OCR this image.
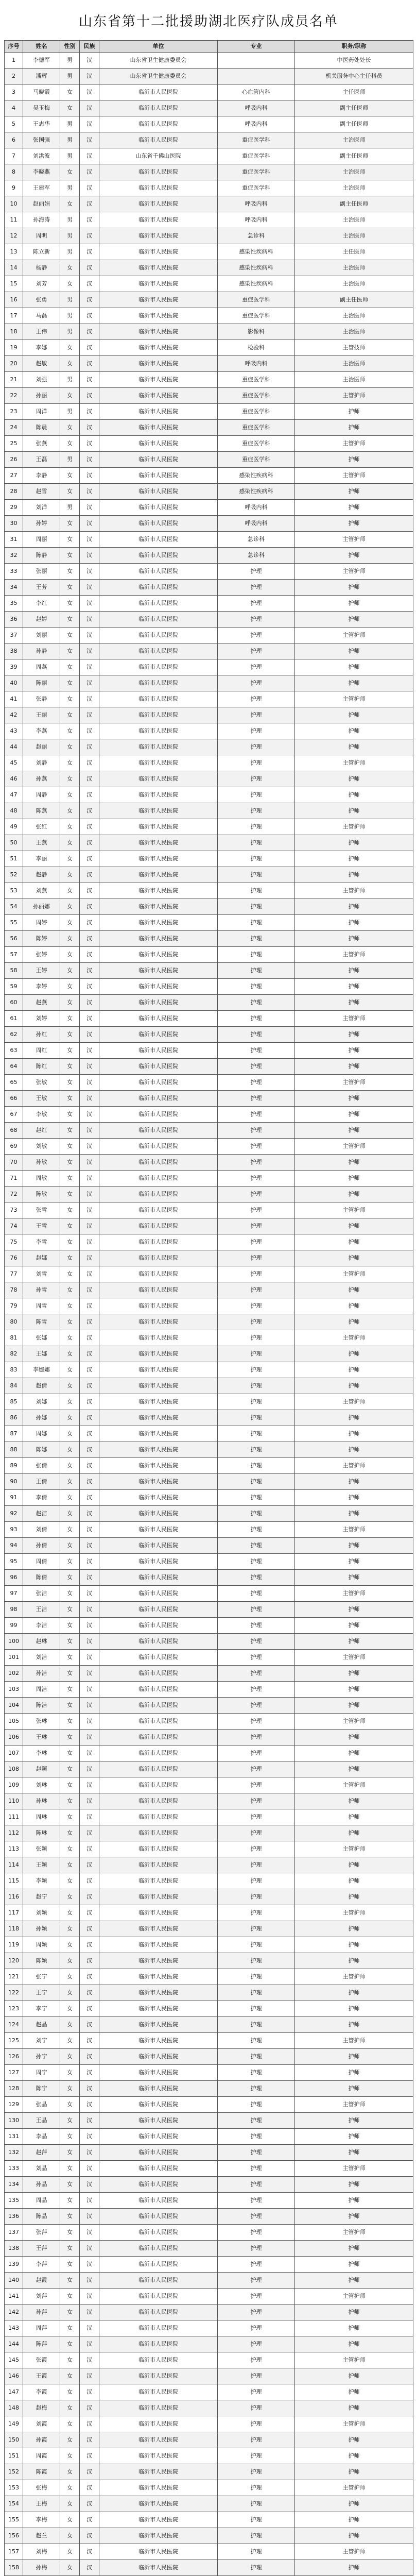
山东省第十二批援助湖北医疗队成员名单
序号	姓名	性别	民族	单位	专业	职务/职称
1	李德军	男	汉	山东省卫生健康委员会		中医药处处长
2	潘辉	男	汉	山东省卫生健康委员会		机关服务中心主任科员
3	马晓霞	女	汉	临沂市人民医院	心血管内科	主任医师
4	吴玉梅	女	汉	临沂市人民医院	呼吸内科	副主任医师
5	王志华	男	汉	临沂市人民医院	呼吸内科	副主任医师
6	张国强	男	汉	临沂市人民医院	重症医学科	主治医师
7	刘洪波	男	汉	山东省千佛山医院	重症医学科	副主任医师
8	李晓燕	女	汉	临沂市人民医院	重症医学科	主治医师
9	王建军	男	汉	临沂市人民医院	重症医学科	主治医师
10	赵丽娟	女	汉	临沂市人民医院	呼吸内科	副主任医师
11	孙海涛	男	汉	临沂市人民医院	呼吸内科	主治医师
12	周明	男	汉	临沂市人民医院	急诊科	主治医师
13	陈立新	男	汉	临沂市人民医院	感染性疾病科	主任医师
14	杨静	女	汉	临沂市人民医院	感染性疾病科	主治医师
15	刘芳	女	汉	临沂市人民医院	感染性疾病科	主治医师
16	张勇	男	汉	临沂市人民医院	重症医学科	副主任医师
17	马磊	男	汉	临沂市人民医院	重症医学科	主治医师
18	王伟	男	汉	临沂市人民医院	影像科	主治医师
19	李娜	女	汉	临沂市人民医院	检验科	主管技师
20	赵敏	女	汉	临沂市人民医院	呼吸内科	主治医师
21	刘强	男	汉	临沂市人民医院	重症医学科	主治医师
22	孙丽	女	汉	临沂市人民医院	重症医学科	主管护师
23	周洋	男	汉	临沂市人民医院	重症医学科	护师
24	陈晨	女	汉	临沂市人民医院	重症医学科	护师
25	张燕	女	汉	临沂市人民医院	重症医学科	主管护师
26	王磊	男	汉	临沂市人民医院	重症医学科	护师
27	李静	女	汉	临沂市人民医院	感染性疾病科	主管护师
28	赵雪	女	汉	临沂市人民医院	感染性疾病科	护师
29	刘洋	男	汉	临沂市人民医院	呼吸内科	护师
30	孙婷	女	汉	临沂市人民医院	呼吸内科	护师
31	周丽	女	汉	临沂市人民医院	急诊科	主管护师
32	陈静	女	汉	临沂市人民医院	急诊科	护师
33	张丽	女	汉	临沂市人民医院	护理	主管护师
34	王芳	女	汉	临沂市人民医院	护理	护师
35	李红	女	汉	临沂市人民医院	护理	护师
36	赵婷	女	汉	临沂市人民医院	护理	护师
37	刘丽	女	汉	临沂市人民医院	护理	主管护师
38	孙静	女	汉	临沂市人民医院	护理	护师
39	周燕	女	汉	临沂市人民医院	护理	护师
40	陈丽	女	汉	临沂市人民医院	护理	护师
41	张静	女	汉	临沂市人民医院	护理	主管护师
42	王丽	女	汉	临沂市人民医院	护理	护师
43	李燕	女	汉	临沂市人民医院	护理	护师
44	赵丽	女	汉	临沂市人民医院	护理	护师
45	刘静	女	汉	临沂市人民医院	护理	主管护师
46	孙燕	女	汉	临沂市人民医院	护理	护师
47	周静	女	汉	临沂市人民医院	护理	护师
48	陈燕	女	汉	临沂市人民医院	护理	护师
49	张红	女	汉	临沂市人民医院	护理	主管护师
50	王燕	女	汉	临沂市人民医院	护理	护师
51	李丽	女	汉	临沂市人民医院	护理	护师
52	赵静	女	汉	临沂市人民医院	护理	护师
53	刘燕	女	汉	临沂市人民医院	护理	主管护师
54	孙丽娜	女	汉	临沂市人民医院	护理	护师
55	周婷	女	汉	临沂市人民医院	护理	护师
56	陈婷	女	汉	临沂市人民医院	护理	护师
57	张婷	女	汉	临沂市人民医院	护理	主管护师
58	王婷	女	汉	临沂市人民医院	护理	护师
59	李婷	女	汉	临沂市人民医院	护理	护师
60	赵燕	女	汉	临沂市人民医院	护理	护师
61	刘婷	女	汉	临沂市人民医院	护理	主管护师
62	孙红	女	汉	临沂市人民医院	护理	护师
63	周红	女	汉	临沂市人民医院	护理	护师
64	陈红	女	汉	临沂市人民医院	护理	护师
65	张敏	女	汉	临沂市人民医院	护理	主管护师
66	王敏	女	汉	临沂市人民医院	护理	护师
67	李敏	女	汉	临沂市人民医院	护理	护师
68	赵红	女	汉	临沂市人民医院	护理	护师
69	刘敏	女	汉	临沂市人民医院	护理	主管护师
70	孙敏	女	汉	临沂市人民医院	护理	护师
71	周敏	女	汉	临沂市人民医院	护理	护师
72	陈敏	女	汉	临沂市人民医院	护理	护师
73	张雪	女	汉	临沂市人民医院	护理	主管护师
74	王雪	女	汉	临沂市人民医院	护理	护师
75	李雪	女	汉	临沂市人民医院	护理	护师
76	赵娜	女	汉	临沂市人民医院	护理	护师
77	刘雪	女	汉	临沂市人民医院	护理	主管护师
78	孙雪	女	汉	临沂市人民医院	护理	护师
79	周雪	女	汉	临沂市人民医院	护理	护师
80	陈雪	女	汉	临沂市人民医院	护理	护师
81	张娜	女	汉	临沂市人民医院	护理	主管护师
82	王娜	女	汉	临沂市人民医院	护理	护师
83	李娜娜	女	汉	临沂市人民医院	护理	护师
84	赵倩	女	汉	临沂市人民医院	护理	护师
85	刘娜	女	汉	临沂市人民医院	护理	主管护师
86	孙娜	女	汉	临沂市人民医院	护理	护师
87	周娜	女	汉	临沂市人民医院	护理	护师
88	陈娜	女	汉	临沂市人民医院	护理	护师
89	张倩	女	汉	临沂市人民医院	护理	主管护师
90	王倩	女	汉	临沂市人民医院	护理	护师
91	李倩	女	汉	临沂市人民医院	护理	护师
92	赵洁	女	汉	临沂市人民医院	护理	护师
93	刘倩	女	汉	临沂市人民医院	护理	主管护师
94	孙倩	女	汉	临沂市人民医院	护理	护师
95	周倩	女	汉	临沂市人民医院	护理	护师
96	陈倩	女	汉	临沂市人民医院	护理	护师
97	张洁	女	汉	临沂市人民医院	护理	主管护师
98	王洁	女	汉	临沂市人民医院	护理	护师
99	李洁	女	汉	临沂市人民医院	护理	护师
100	赵琳	女	汉	临沂市人民医院	护理	护师
101	刘洁	女	汉	临沂市人民医院	护理	主管护师
102	孙洁	女	汉	临沂市人民医院	护理	护师
103	周洁	女	汉	临沂市人民医院	护理	护师
104	陈洁	女	汉	临沂市人民医院	护理	护师
105	张琳	女	汉	临沂市人民医院	护理	主管护师
106	王琳	女	汉	临沂市人民医院	护理	护师
107	李琳	女	汉	临沂市人民医院	护理	护师
108	赵颖	女	汉	临沂市人民医院	护理	护师
109	刘琳	女	汉	临沂市人民医院	护理	主管护师
110	孙琳	女	汉	临沂市人民医院	护理	护师
111	周琳	女	汉	临沂市人民医院	护理	护师
112	陈琳	女	汉	临沂市人民医院	护理	护师
113	张颖	女	汉	临沂市人民医院	护理	主管护师
114	王颖	女	汉	临沂市人民医院	护理	护师
115	李颖	女	汉	临沂市人民医院	护理	护师
116	赵宁	女	汉	临沂市人民医院	护理	护师
117	刘颖	女	汉	临沂市人民医院	护理	主管护师
118	孙颖	女	汉	临沂市人民医院	护理	护师
119	周颖	女	汉	临沂市人民医院	护理	护师
120	陈颖	女	汉	临沂市人民医院	护理	护师
121	张宁	女	汉	临沂市人民医院	护理	主管护师
122	王宁	女	汉	临沂市人民医院	护理	护师
123	李宁	女	汉	临沂市人民医院	护理	护师
124	赵晶	女	汉	临沂市人民医院	护理	护师
125	刘宁	女	汉	临沂市人民医院	护理	主管护师
126	孙宁	女	汉	临沂市人民医院	护理	护师
127	周宁	女	汉	临沂市人民医院	护理	护师
128	陈宁	女	汉	临沂市人民医院	护理	护师
129	张晶	女	汉	临沂市人民医院	护理	主管护师
130	王晶	女	汉	临沂市人民医院	护理	护师
131	李晶	女	汉	临沂市人民医院	护理	护师
132	赵萍	女	汉	临沂市人民医院	护理	护师
133	刘晶	女	汉	临沂市人民医院	护理	主管护师
134	孙晶	女	汉	临沂市人民医院	护理	护师
135	周晶	女	汉	临沂市人民医院	护理	护师
136	陈晶	女	汉	临沂市人民医院	护理	护师
137	张萍	女	汉	临沂市人民医院	护理	主管护师
138	王萍	女	汉	临沂市人民医院	护理	护师
139	李萍	女	汉	临沂市人民医院	护理	护师
140	赵霞	女	汉	临沂市人民医院	护理	护师
141	刘萍	女	汉	临沂市人民医院	护理	主管护师
142	孙萍	女	汉	临沂市人民医院	护理	护师
143	周萍	女	汉	临沂市人民医院	护理	护师
144	陈萍	女	汉	临沂市人民医院	护理	护师
145	张霞	女	汉	临沂市人民医院	护理	主管护师
146	王霞	女	汉	临沂市人民医院	护理	护师
147	李霞	女	汉	临沂市人民医院	护理	护师
148	赵梅	女	汉	临沂市人民医院	护理	护师
149	刘霞	女	汉	临沂市人民医院	护理	主管护师
150	孙霞	女	汉	临沂市人民医院	护理	护师
151	周霞	女	汉	临沂市人民医院	护理	护师
152	陈霞	女	汉	临沂市人民医院	护理	护师
153	张梅	女	汉	临沂市人民医院	护理	主管护师
154	王梅	女	汉	临沂市人民医院	护理	护师
155	李梅	女	汉	临沂市人民医院	护理	护师
156	赵兰	女	汉	临沂市人民医院	护理	护师
157	刘梅	女	汉	临沂市人民医院	护理	主管护师
158	孙梅	女	汉	临沂市人民医院	护理	护师
